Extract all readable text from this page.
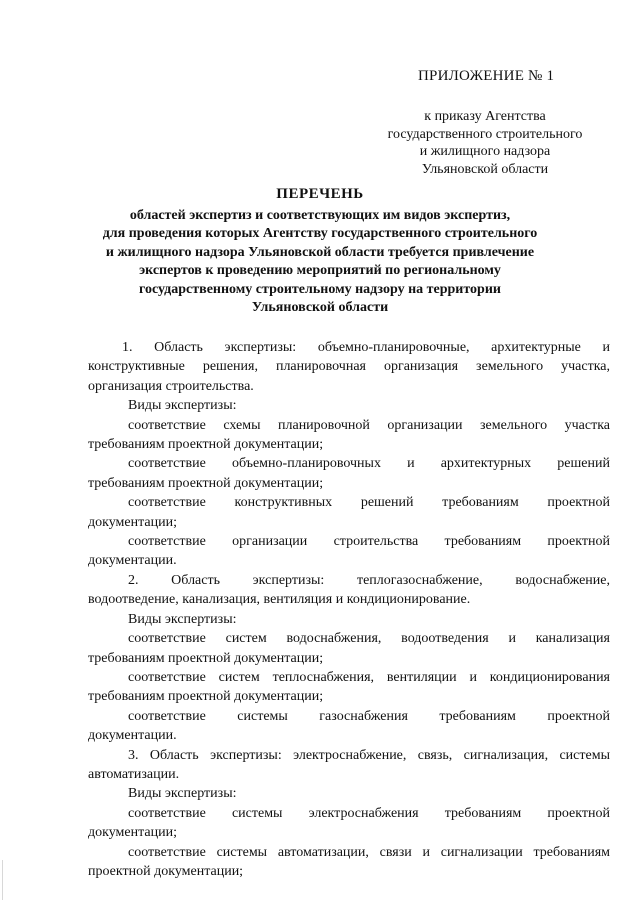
ПРИЛОЖЕНИЕ № 1
к приказу Агентства
государственного строительного
и жилищного надзора
Ульяновской области
ПЕРЕЧЕНЬ
областей экспертиз и соответствующих им видов экспертиз,
для проведения которых Агентству государственного строительного
и жилищного надзора Ульяновской области требуется привлечение
экспертов к проведению мероприятий по региональному
государственному строительному надзору на территории
Ульяновской области
1. Область экспертизы: объемно-планировочные, архитектурные и
конструктивные решения, планировочная организация земельного участка,
организация строительства.
Виды экспертизы:
соответствие схемы планировочной организации земельного участка
требованиям проектной документации;
соответствие объемно-планировочных и архитектурных решений
требованиям проектной документации;
соответствие конструктивных решений требованиям проектной
документации;
соответствие организации строительства требованиям проектной
документации.
2. Область экспертизы: теплогазоснабжение, водоснабжение,
водоотведение, канализация, вентиляция и кондиционирование.
Виды экспертизы:
соответствие систем водоснабжения, водоотведения и канализация
требованиям проектной документации;
соответствие систем теплоснабжения, вентиляции и кондиционирования
требованиям проектной документации;
соответствие системы газоснабжения требованиям проектной
документации.
3. Область экспертизы: электроснабжение, связь, сигнализация, системы
автоматизации.
Виды экспертизы:
соответствие системы электроснабжения требованиям проектной
документации;
соответствие системы автоматизации, связи и сигнализации требованиям
проектной документации;
